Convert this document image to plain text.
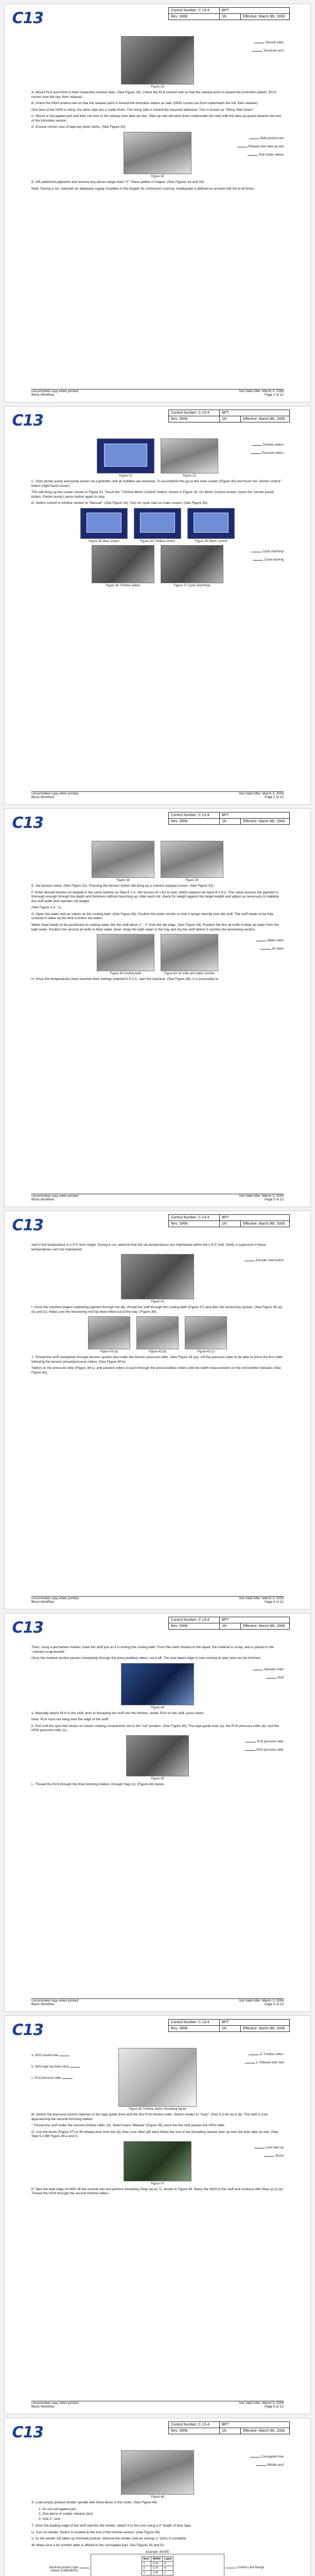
C13	Control Number: C-13-4	BPT	
Rev: SRW	1N	Effective: March 9th, 2008
Figure 29
Tension pads
Tensioner post
A. Mount PLN and HGN in their respective unwind reels. (See Figure 29). Check the PLN unwind reel so that the release point is toward the trimmline station. (PLN comes over the top, then release).
B. Orient the HGN unwind reel so that the release point is toward the trimmline station as well. (HGN comes out from underneath the roll, then release).
One face of the HGN is shiny, the other side has a matte finish. The shiny side is toward the exposed adhesive. This is known as "Shiny Side Down".
C. Mount a corrugated part and then roll core to the release liner take-up reel. Take-up reel will wind (from underneath the reel) with the take-up guard towards the end of the trimmline section.
D. Ensure correct size of tape lay down sticks. (See Figure 30).
Figure 30
Bulk product reel
Release liner take-up reel
Roll holder sleeve
E. Sift palletized pigments and remove any pieces larger than "V". Place pallets in hopper. (See Figures 19 and 16).
Note: During a run, maintain an adequate supply of pellets in the hopper for continuous running. Inadequate is defined as at least half full at all times.
Uncontrolled copy when printed	Not Valid After: March 3, 2008
Block Workflow	Page 1 of 12
C13	Control Number: C-13-4	BPT	
Rev: SRW	1N	Effective: March 9th, 2008
Figure 31	Figure 32
Trimline station
Pressure rollers
C. Start primer pump and pump primer via cup/bottle until air bubbles are removed. To accomplish this go to the main screen (Figure 30) and touch the "primer control" button (right hand corner).
This will bring up the screen shown in Figure 31. Touch the "Trimline Motor Control" button, shown in Figure 29. On Motor Control screen, touch the "primer pump" button, Primer pump's press button again to stop.
D. Switch control to trimline section to "Manual". (See Figure 33). Turn on cycle start on main screen. (See Figure 33).
Figure 33 Main screen	Figure 34 Trimline control	Figure 35 Motor control
Figure 36 Trimline station	Figure 37 Cycle Start/Stop
Cycle start/stop
Cycle warning
Uncontrolled copy when printed	Not Valid After: March 3, 2008
Block Workflow	Page 2 of 12
C13	Control Number: C-13-4	BPT	
Rev: SRW	1N	Effective: March 9th, 2008
Figure 38	Figure 39
E. Set tension value. (See Figure 31). Pressing the tension button will bring up a numeric keypad screen. (See Figure 32).
F. Enter desired tension on keypad in the same fashion as Step E.2 A. Set tension at 1.62 to start, which requires an input of 1.6.2. This value assures the pigment is thorough enough through the depth and thickness without bunching up. After each roll, check for weight against the target weight and adjust as necessary to stabilize the stuff width and maintain roll weight.
(See Figure 3.A - 1).
G. Open the water and air valves on the cooling bath. (See Figure 33). Position the water nozzle so that it sprays directly over the stuff. The stuff needs to be fully covered in water by the time it enters the water.
Water head needs to be positioned so cooling water hits the stuff about 1" - 2" from the die edge. (See Figure 34). Position the first air knife to blow up water from the bath water. Position the second air knife to blow water down. Keep the bath water in the tray and dry the stuff before it reaches the tensioning section.
Figure 40 Cooling bath	Figure 41 Air knife and water nozzles
Water valve
Air valve
H. Once the temperatures have reached their settings entered in 5.2 C, start the machine. (See Figure 36); it is accessible to
Uncontrolled copy when printed	Not Valid After: March 3, 2008
Block Workflow	Page 3 of 12
C13	Control Number: C-13-4	BPT	
Rev: SRW	1N	Effective: March 9th, 2008
start if the temperature is ± 5°C from target. During a run, observe that the set temperatures are maintained within the ± 5°C limit. Notify a supervisor if these temperatures can't be maintained.
Figure 42
Extruder start button
I. Once the machine begins outputting pigment through the die; thread the stuff through the cooling bath (Figure 37) and then the tensioning system. (See Figure 38 (a), (b) and (c). Make sure the tensioning rod has been lifted out of the way. (Figure 39).
Figure 43 (a)	Figure 43 (b)	Figure 43 (c)
J. Thread the stuff completely through tension system and under the tension pressure roller. (See Figure 39 (a)). Lift the pressure roller to be able to press the first roller following the tension preset/pressure rollers. (See Figure 39 b).
Switch on the pressure roller (Figure 39 c), and position rollers to push through the pressure/blue rollers until the width measurement on the micrometer indicates (See Figure 40).
Uncontrolled copy when printed	Not Valid After: March 3, 2008
Block Workflow	Page 4 of 12
C13	Control Number: C-13-4	BPT	
Rev: SRW	1N	Effective: March 9th, 2008
Then, using a permanent marker, mark the stuff just as it is exiting the cooling bath. From the mark forward to the taped, the material is scrap, and is placed in the "colored scrap bucket".
Once the marked section passes completely through the pressure/blue rollers, cut it off. The now taped edge is now running at spec and can be trimmed.
Figure 44
Indicator mark
Stuff
a. Manually attach PLN to the stuff, prior to threading the stuff into the trimline, center PLN on the stuff, press down.
Note: PLN must not hang over the edge of the stuff.
b. Pull until the spot that shows on shown rotating components out to the "cut" position. (See Figure 40). The tape guide is/as (a), the PLN pressure roller (b), and the HGN pressure roller (c).
Figure 45
PLN pressure roller
HGN pressure roller
L. Thread the PLN through the final trimming station, through Step (c). (Figure 44) below.
Uncontrolled copy when printed	Not Valid After: March 3, 2008
Block Workflow	Page 5 of 12
C13	Control Number: C-13-4	BPT	
Rev: SRW	1N	Effective: March 9th, 2008
Figure 46 Trimline station threading layout
d. Trimline rollers
e. Release liner reel
a. HGN unwind reel
b. HGN tape lay down stick
c. PLN pressure roller
M. Switch the pressure control switches to the tape guide drive and the first PLN trimline roller. Switch modes to "Auto". (See 5.3 4A (a) & (b). The stuff is now approaching the second trimming station.
* Thread the stuff under the second trimline roller. (b). Switch back "Manual" (Figure 35) since the the stuff passes the HGN roller.
O. Use the brush (Figure 47) to lift release liner from the (b), then (use other gift wire) follow the rest of the threading release liner up onto the liner take-up reel. (See Step 5.2 BB Figure 46 a and f).
Figure 47
Liner take-up
Brush
P. Take the lead edge of HGN off the unwind reel and perform threading (Step (a) as ?), shown in Figure 46. Marry the HGN to the stuff and continue with Step (c) to (e). Thread the HGN through the second trimline rollers.
Uncontrolled copy when printed	Not Valid After: March 3, 2008
Block Workflow	Page 6 of 12
C13	Control Number: C-13-4	BPT	
Rev: SRW	1N	Effective: March 9th, 2008
Figure 48
Corrugated core
Winder post
S. Load empty product winder spindle with three items in this order: (See Figure 48)
1. Air out corrugated part
2. One piece of scatter release (tan)
3. One 1" core
T. Once the leading edge of the stuff reaches the winder, attach it to the core using a 3" length of blue tape.
U. Turn on winder. Switch is located at the end of the trimline section. (See Figure 49).
V. As the winder roll takes up trimmed product, observe the winder until an overlap 1" (mm) is complete.
W. Make sure a lot number label is affixed to the corrugated part. See Figures 50 and 51.
Example: 88/300
Item	Width	Label
1	0.50	A
2	0.75	B
3	1.00	C
Control Limit Range
Nominal product type values (calibrations)
